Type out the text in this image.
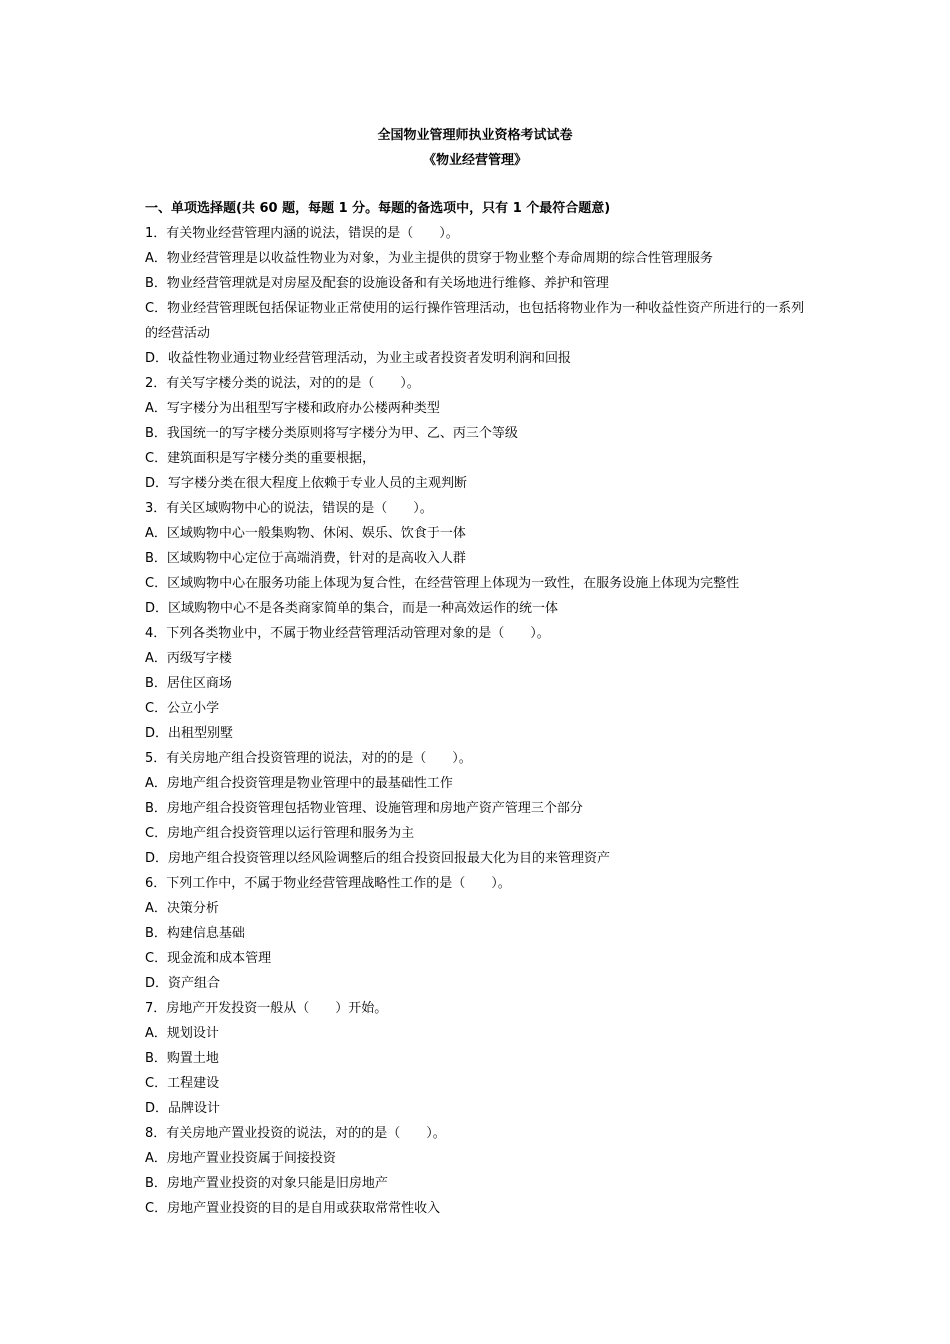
全国物业管理师执业资格考试试卷
《物业经营管理》
一、单项选择题(共 60 题，每题 1 分。每题的备选项中，只有 1 个最符合题意)
1．有关物业经营管理内涵的说法，错误的是（　　）。
A．物业经营管理是以收益性物业为对象，为业主提供的贯穿于物业整个寿命周期的综合性管理服务
B．物业经营管理就是对房屋及配套的设施设备和有关场地进行维修、养护和管理
C．物业经营管理既包括保证物业正常使用的运行操作管理活动，也包括将物业作为一种收益性资产所进行的一系列的经营活动
D．收益性物业通过物业经营管理活动，为业主或者投资者发明利润和回报
2．有关写字楼分类的说法，对的的是（　　）。
A．写字楼分为出租型写字楼和政府办公楼两种类型
B．我国统一的写字楼分类原则将写字楼分为甲、乙、丙三个等级
C．建筑面积是写字楼分类的重要根据，
D．写字楼分类在很大程度上依赖于专业人员的主观判断
3．有关区域购物中心的说法，错误的是（　　）。
A．区域购物中心一般集购物、休闲、娱乐、饮食于一体
B．区域购物中心定位于高端消费，针对的是高收入人群
C．区域购物中心在服务功能上体现为复合性，在经营管理上体现为一致性，在服务设施上体现为完整性
D．区域购物中心不是各类商家简单的集合，而是一种高效运作的统一体
4．下列各类物业中，不属于物业经营管理活动管理对象的是（　　）。
A．丙级写字楼
B．居住区商场
C．公立小学
D．出租型别墅
5．有关房地产组合投资管理的说法，对的的是（　　）。
A．房地产组合投资管理是物业管理中的最基础性工作
B．房地产组合投资管理包括物业管理、设施管理和房地产资产管理三个部分
C．房地产组合投资管理以运行管理和服务为主
D．房地产组合投资管理以经风险调整后的组合投资回报最大化为目的来管理资产
6．下列工作中，不属于物业经营管理战略性工作的是（　　）。
A．决策分析
B．构建信息基础
C．现金流和成本管理
D．资产组合
7．房地产开发投资一般从（　　）开始。
A．规划设计
B．购置土地
C．工程建设
D．品牌设计
8．有关房地产置业投资的说法，对的的是（　　）。
A．房地产置业投资属于间接投资
B．房地产置业投资的对象只能是旧房地产
C．房地产置业投资的目的是自用或获取常常性收入
